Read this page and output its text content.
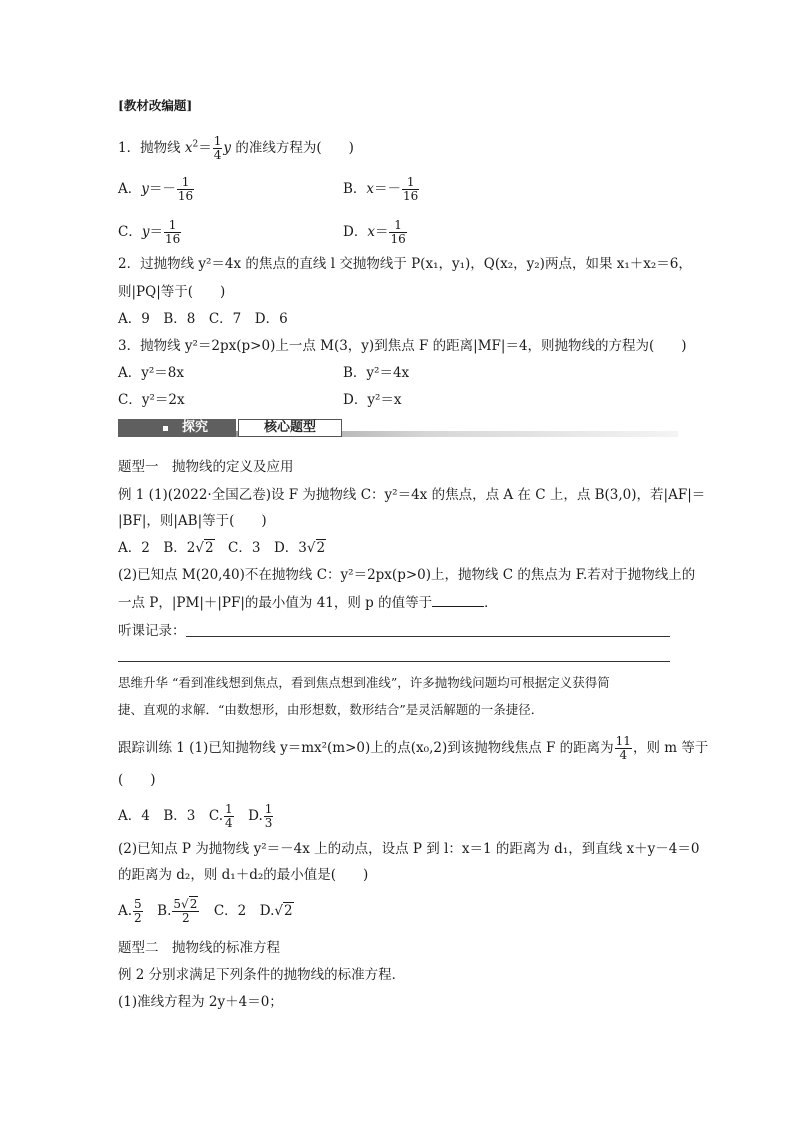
[教材改编题]
1．抛物线 $x^2= \frac{1}{4}$ y 的准线方程为(　　)
A．$y=- \frac{1}{16}$	B．$x=- \frac{1}{16}$
C．$y= \frac{1}{16}$	D．$x= \frac{1}{16}$
2．过抛物线 y²＝4x 的焦点的直线 l 交抛物线于 P(x₁，y₁)，Q(x₂，y₂)两点，如果 x₁＋x₂＝6，
则|PQ|等于(　　)
A．9　B．8　C．7　D．6
3．抛物线 y²＝2px(p>0)上一点 M(3，y)到焦点 F 的距离|MF|＝4，则抛物线的方程为(　　)
A．y²＝8x	B．y²＝4x
C．y²＝2x	D．y²＝x
探究	核心题型
题型一　抛物线的定义及应用
例 1 (1)(2022·全国乙卷)设 F 为抛物线 C：y²＝4x 的焦点，点 A 在 C 上，点 B(3,0)，若|AF|＝
|BF|，则|AB|等于(　　)
A．2　B．2√2　C．3　D．3√2
(2)已知点 M(20,40)不在抛物线 C：y²＝2px(p>0)上，抛物线 C 的焦点为 F.若对于抛物线上的
一点 P，|PM|＋|PF|的最小值为 41，则 p 的值等于	．
听课记录：
思维升华 “看到准线想到焦点，看到焦点想到准线”，许多抛物线问题均可根据定义获得简
捷、直观的求解．“由数想形，由形想数，数形结合”是灵活解题的一条捷径．
跟踪训练 1 (1)已知抛物线 y＝mx²(m>0)上的点(x₀,2)到该抛物线焦点 F 的距离为 $\frac{11}{4}$ ，则 m 等于
(　　)
A．4　B．3　C. $\frac{1}{4}$ 　D. $\frac{1}{3}$
(2)已知点 P 为抛物线 y²＝－4x 上的动点，设点 P 到 l：x＝1 的距离为 d₁，到直线 x＋y－4＝0
的距离为 d₂，则 d₁＋d₂的最小值是(　　)
A. $\frac{5}{2}$ 　B. $\frac{5√2}{2}$ 　C．2　D.√2
题型二　抛物线的标准方程
例 2 分别求满足下列条件的抛物线的标准方程．
(1)准线方程为 2y＋4＝0；
